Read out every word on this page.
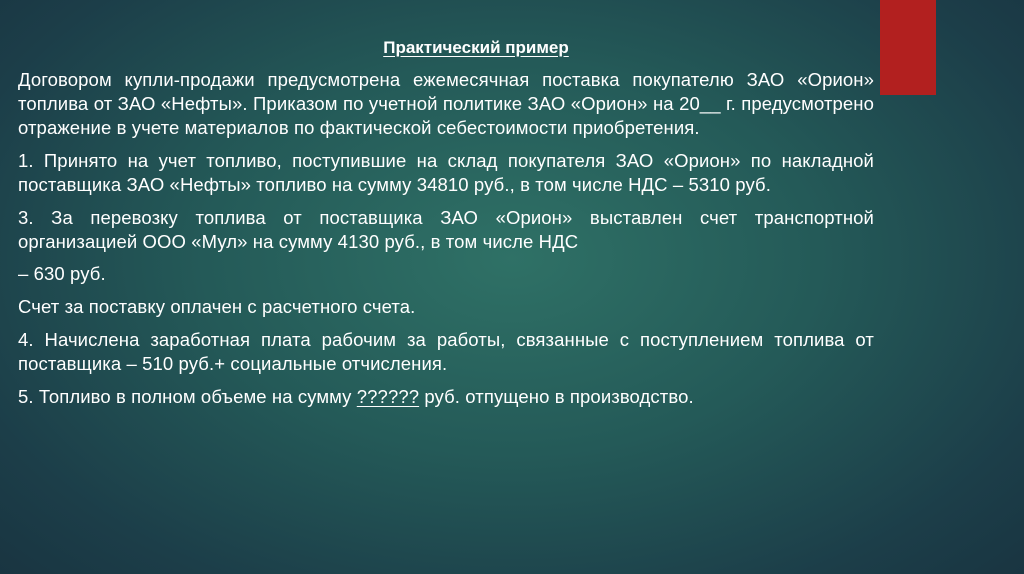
Практический пример

Договором купли-продажи предусмотрена ежемесячная поставка покупателю ЗАО «Орион» топлива от ЗАО «Нефты». Приказом по учетной политике ЗАО «Орион» на 20__ г. предусмотрено отражение в учете материалов по фактической себестоимости приобретения.

1. Принято на учет топливо, поступившие на склад покупателя ЗАО «Орион» по накладной поставщика ЗАО «Нефты» топливо на сумму 34810 руб., в том числе НДС – 5310 руб.

3. За перевозку топлива от поставщика ЗАО «Орион» выставлен счет транспортной организацией ООО «Мул» на сумму 4130 руб., в том числе НДС

– 630 руб.

Счет за поставку оплачен с расчетного счета.

4. Начислена заработная плата рабочим за работы, связанные с поступлением топлива от поставщика – 510 руб.+ социальные отчисления.

5. Топливо в полном объеме на сумму ?????? руб. отпущено в производство.
